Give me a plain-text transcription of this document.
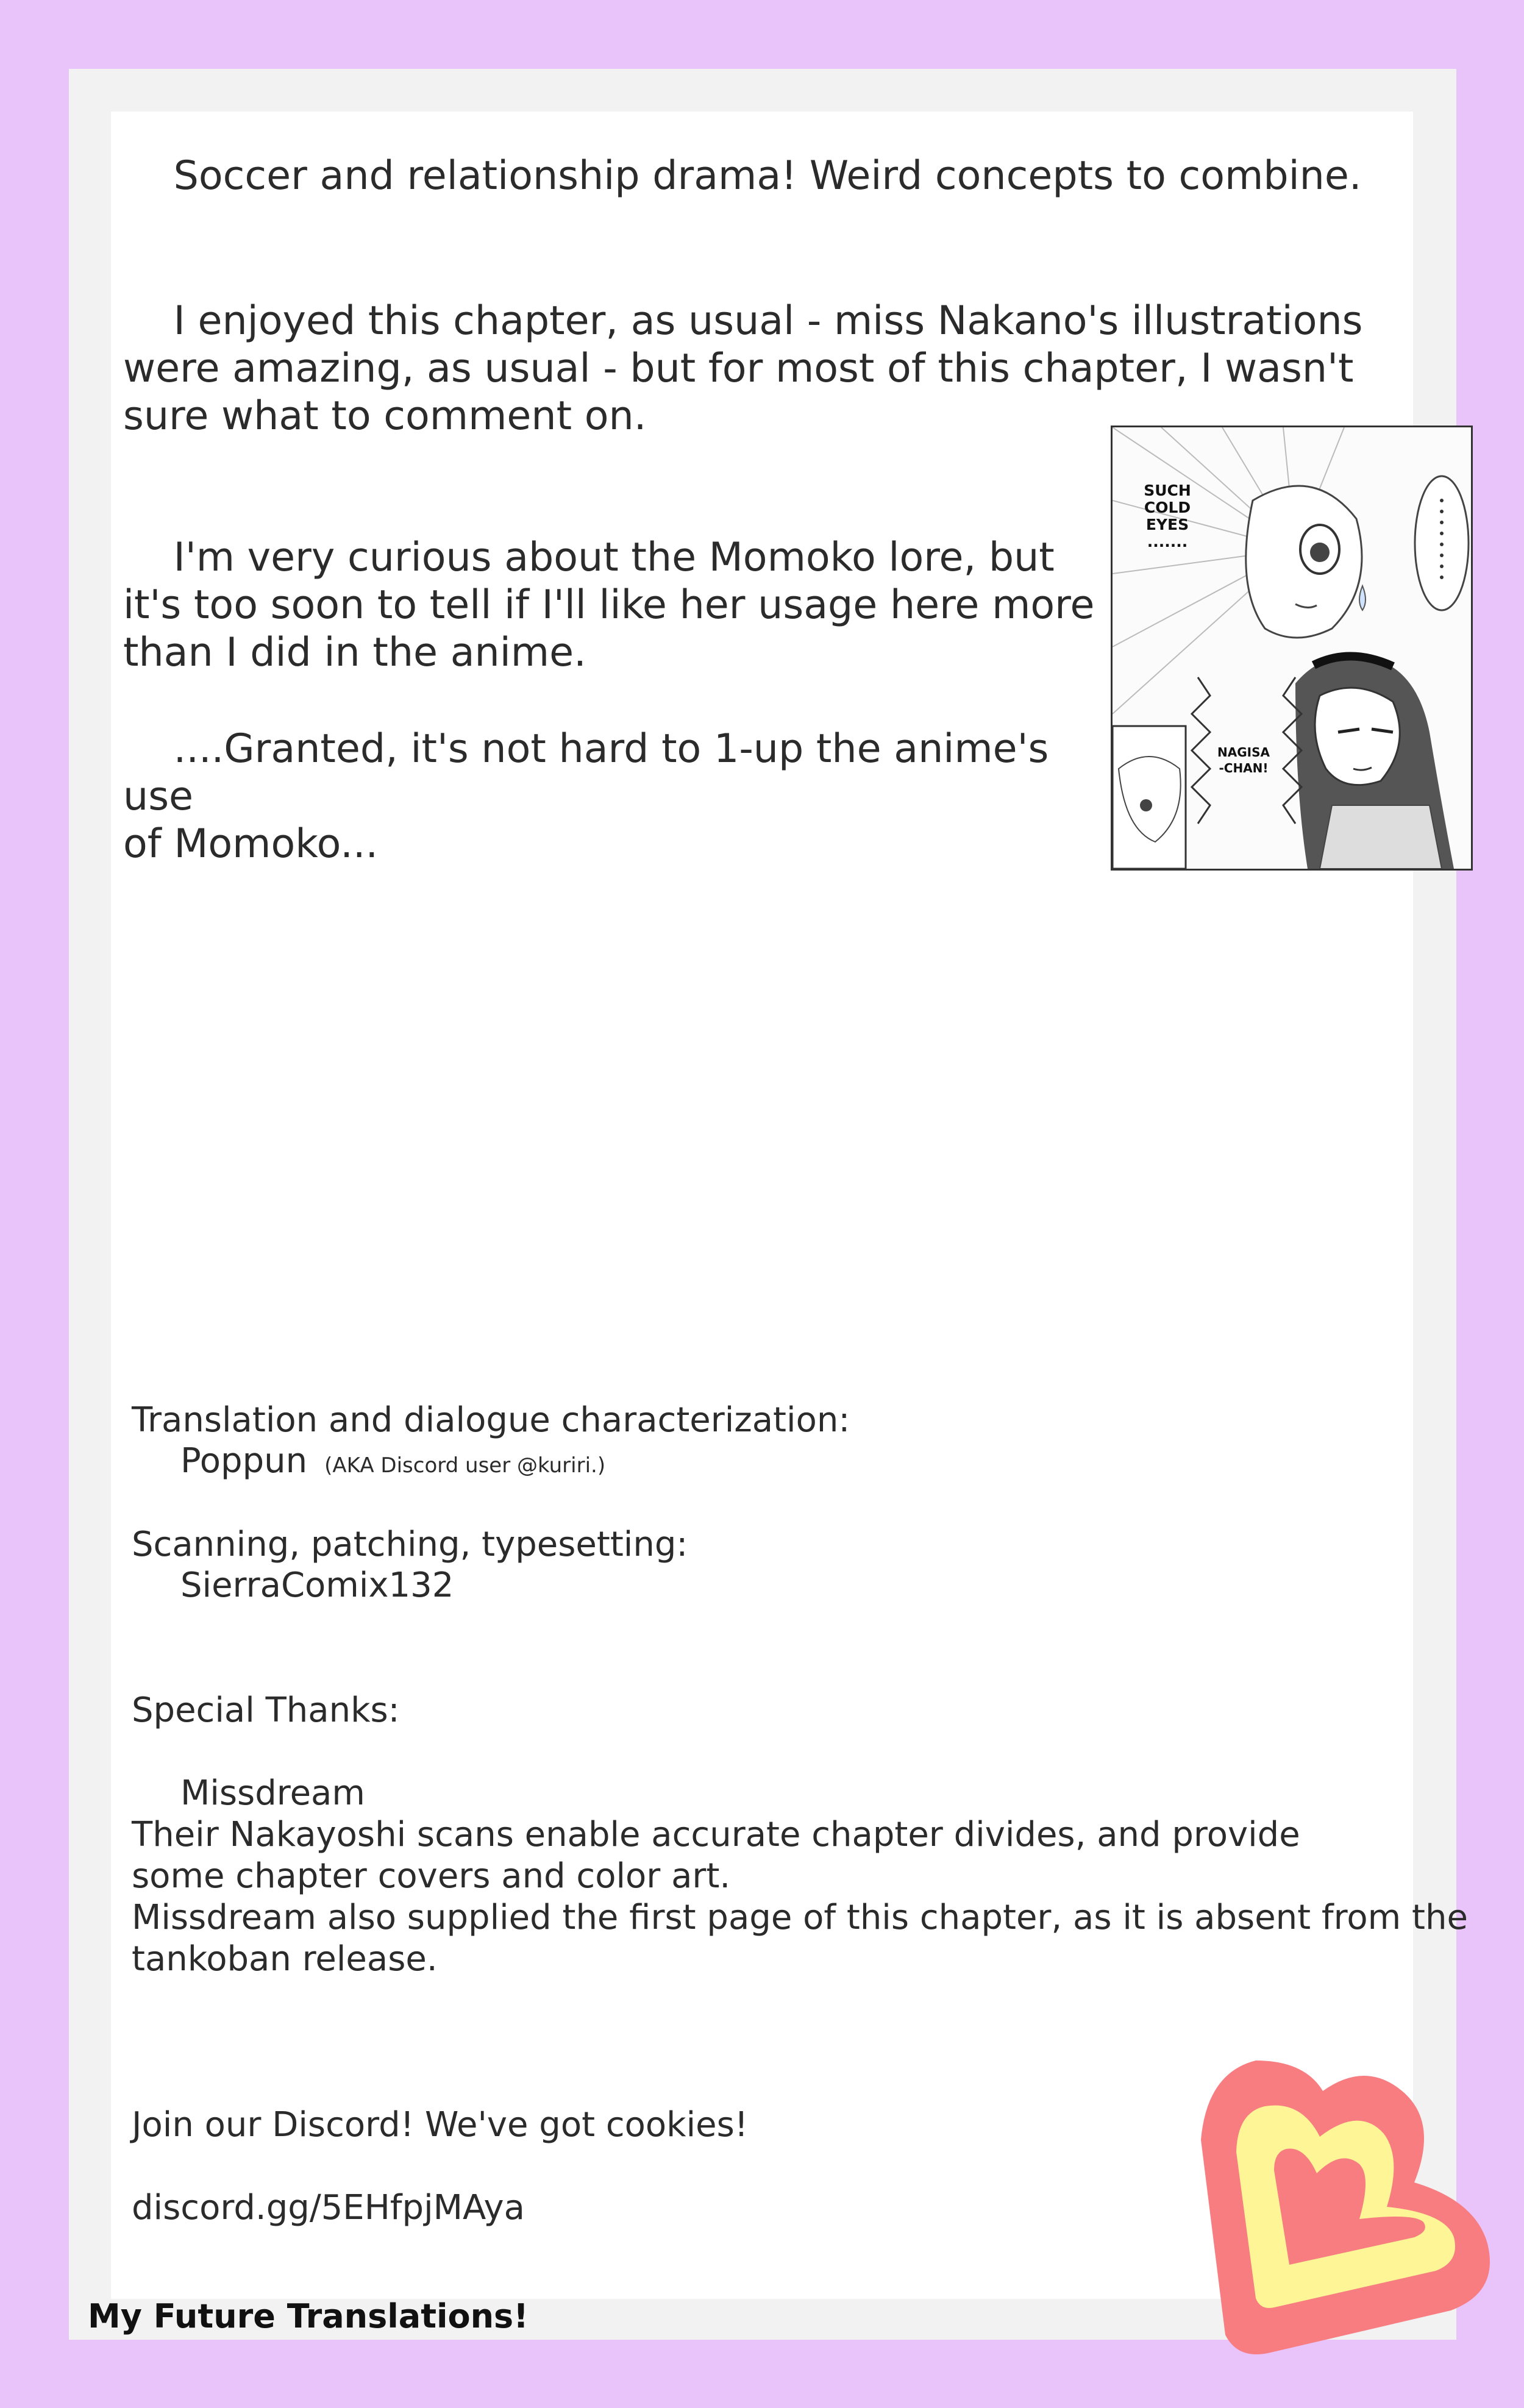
Soccer and relationship drama! Weird concepts to combine.

I enjoyed this chapter, as usual - miss Nakano's illustrations were amazing, as usual - but for most of this chapter, I wasn't sure what to comment on.

I'm very curious about the Momoko lore, but
it's too soon to tell if I'll like her usage here more
than I did in the anime.

....Granted, it's not hard to 1-up the anime's use
of Momoko...

SUCH
COLD
EYES
.......
NAGISA
-CHAN!

Translation and dialogue characterization:

Poppun (AKA Discord user @kuriri.)

Scanning, patching, typesetting:

SierraComix132

Special Thanks:

Missdream

Their Nakayoshi scans enable accurate chapter divides, and provide

some chapter covers and color art.

Missdream also supplied the first page of this chapter, as it is absent from the

tankoban release.

Join our Discord! We've got cookies!

discord.gg/5EHfpjMAya

My Future Translations!
